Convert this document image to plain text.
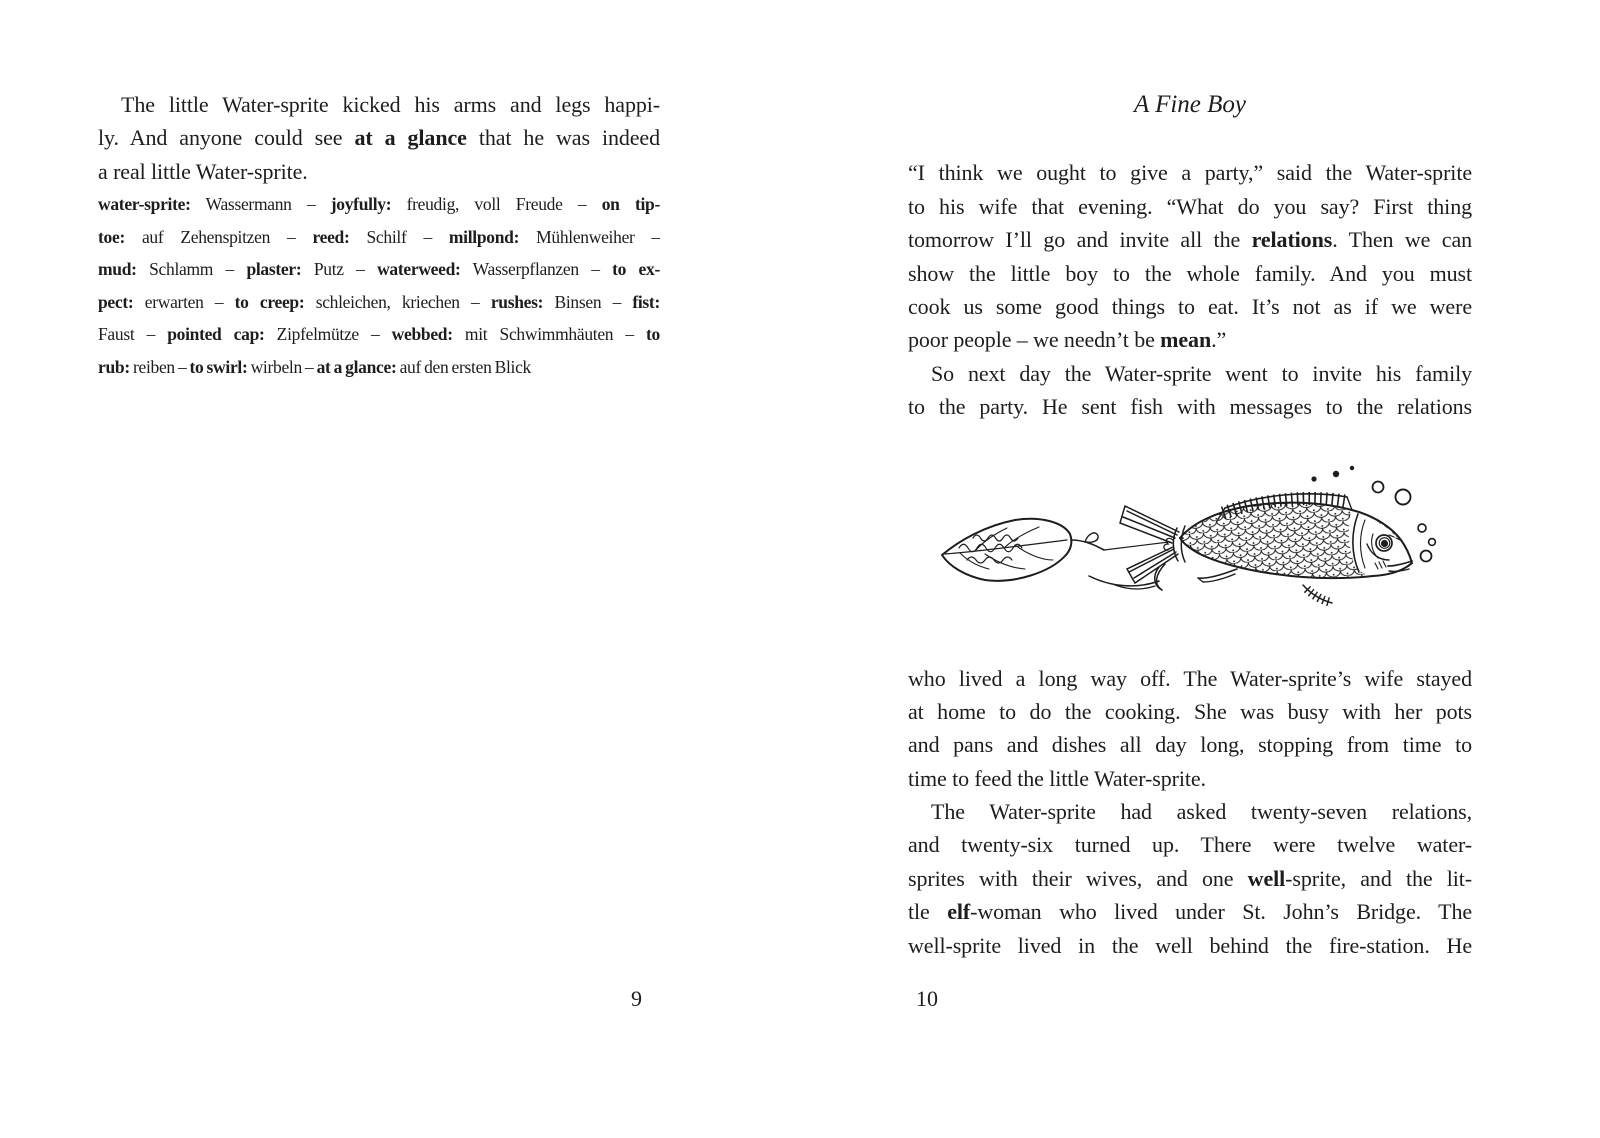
The little Water-sprite kicked his arms and legs happi-
ly. And anyone could see at a glance that he was indeed
a real little Water-sprite.
water-sprite: Wassermann – joyfully: freudig, voll Freude – on tip-
toe: auf Zehenspitzen – reed: Schilf – millpond: Mühlenweiher –
mud: Schlamm – plaster: Putz – waterweed: Wasserpflanzen – to ex-
pect: erwarten – to creep: schleichen, kriechen – rushes: Binsen – fist:
Faust – pointed cap: Zipfelmütze – webbed: mit Schwimmhäuten – to
rub: reiben – to swirl: wirbeln – at a glance: auf den ersten Blick
A Fine Boy
“I think we ought to give a party,” said the Water-sprite
to his wife that evening. “What do you say? First thing
tomorrow I’ll go and invite all the relations. Then we can
show the little boy to the whole family. And you must
cook us some good things to eat. It’s not as if we were
poor people – we needn’t be mean.”
So next day the Water-sprite went to invite his family
to the party. He sent fish with messages to the relations
who lived a long way off. The Water-sprite’s wife stayed
at home to do the cooking. She was busy with her pots
and pans and dishes all day long, stopping from time to
time to feed the little Water-sprite.
The Water-sprite had asked twenty-seven relations,
and twenty-six turned up. There were twelve water-
sprites with their wives, and one well-sprite, and the lit-
tle elf-woman who lived under St. John’s Bridge. The
well-sprite lived in the well behind the fire-station. He
9	10
